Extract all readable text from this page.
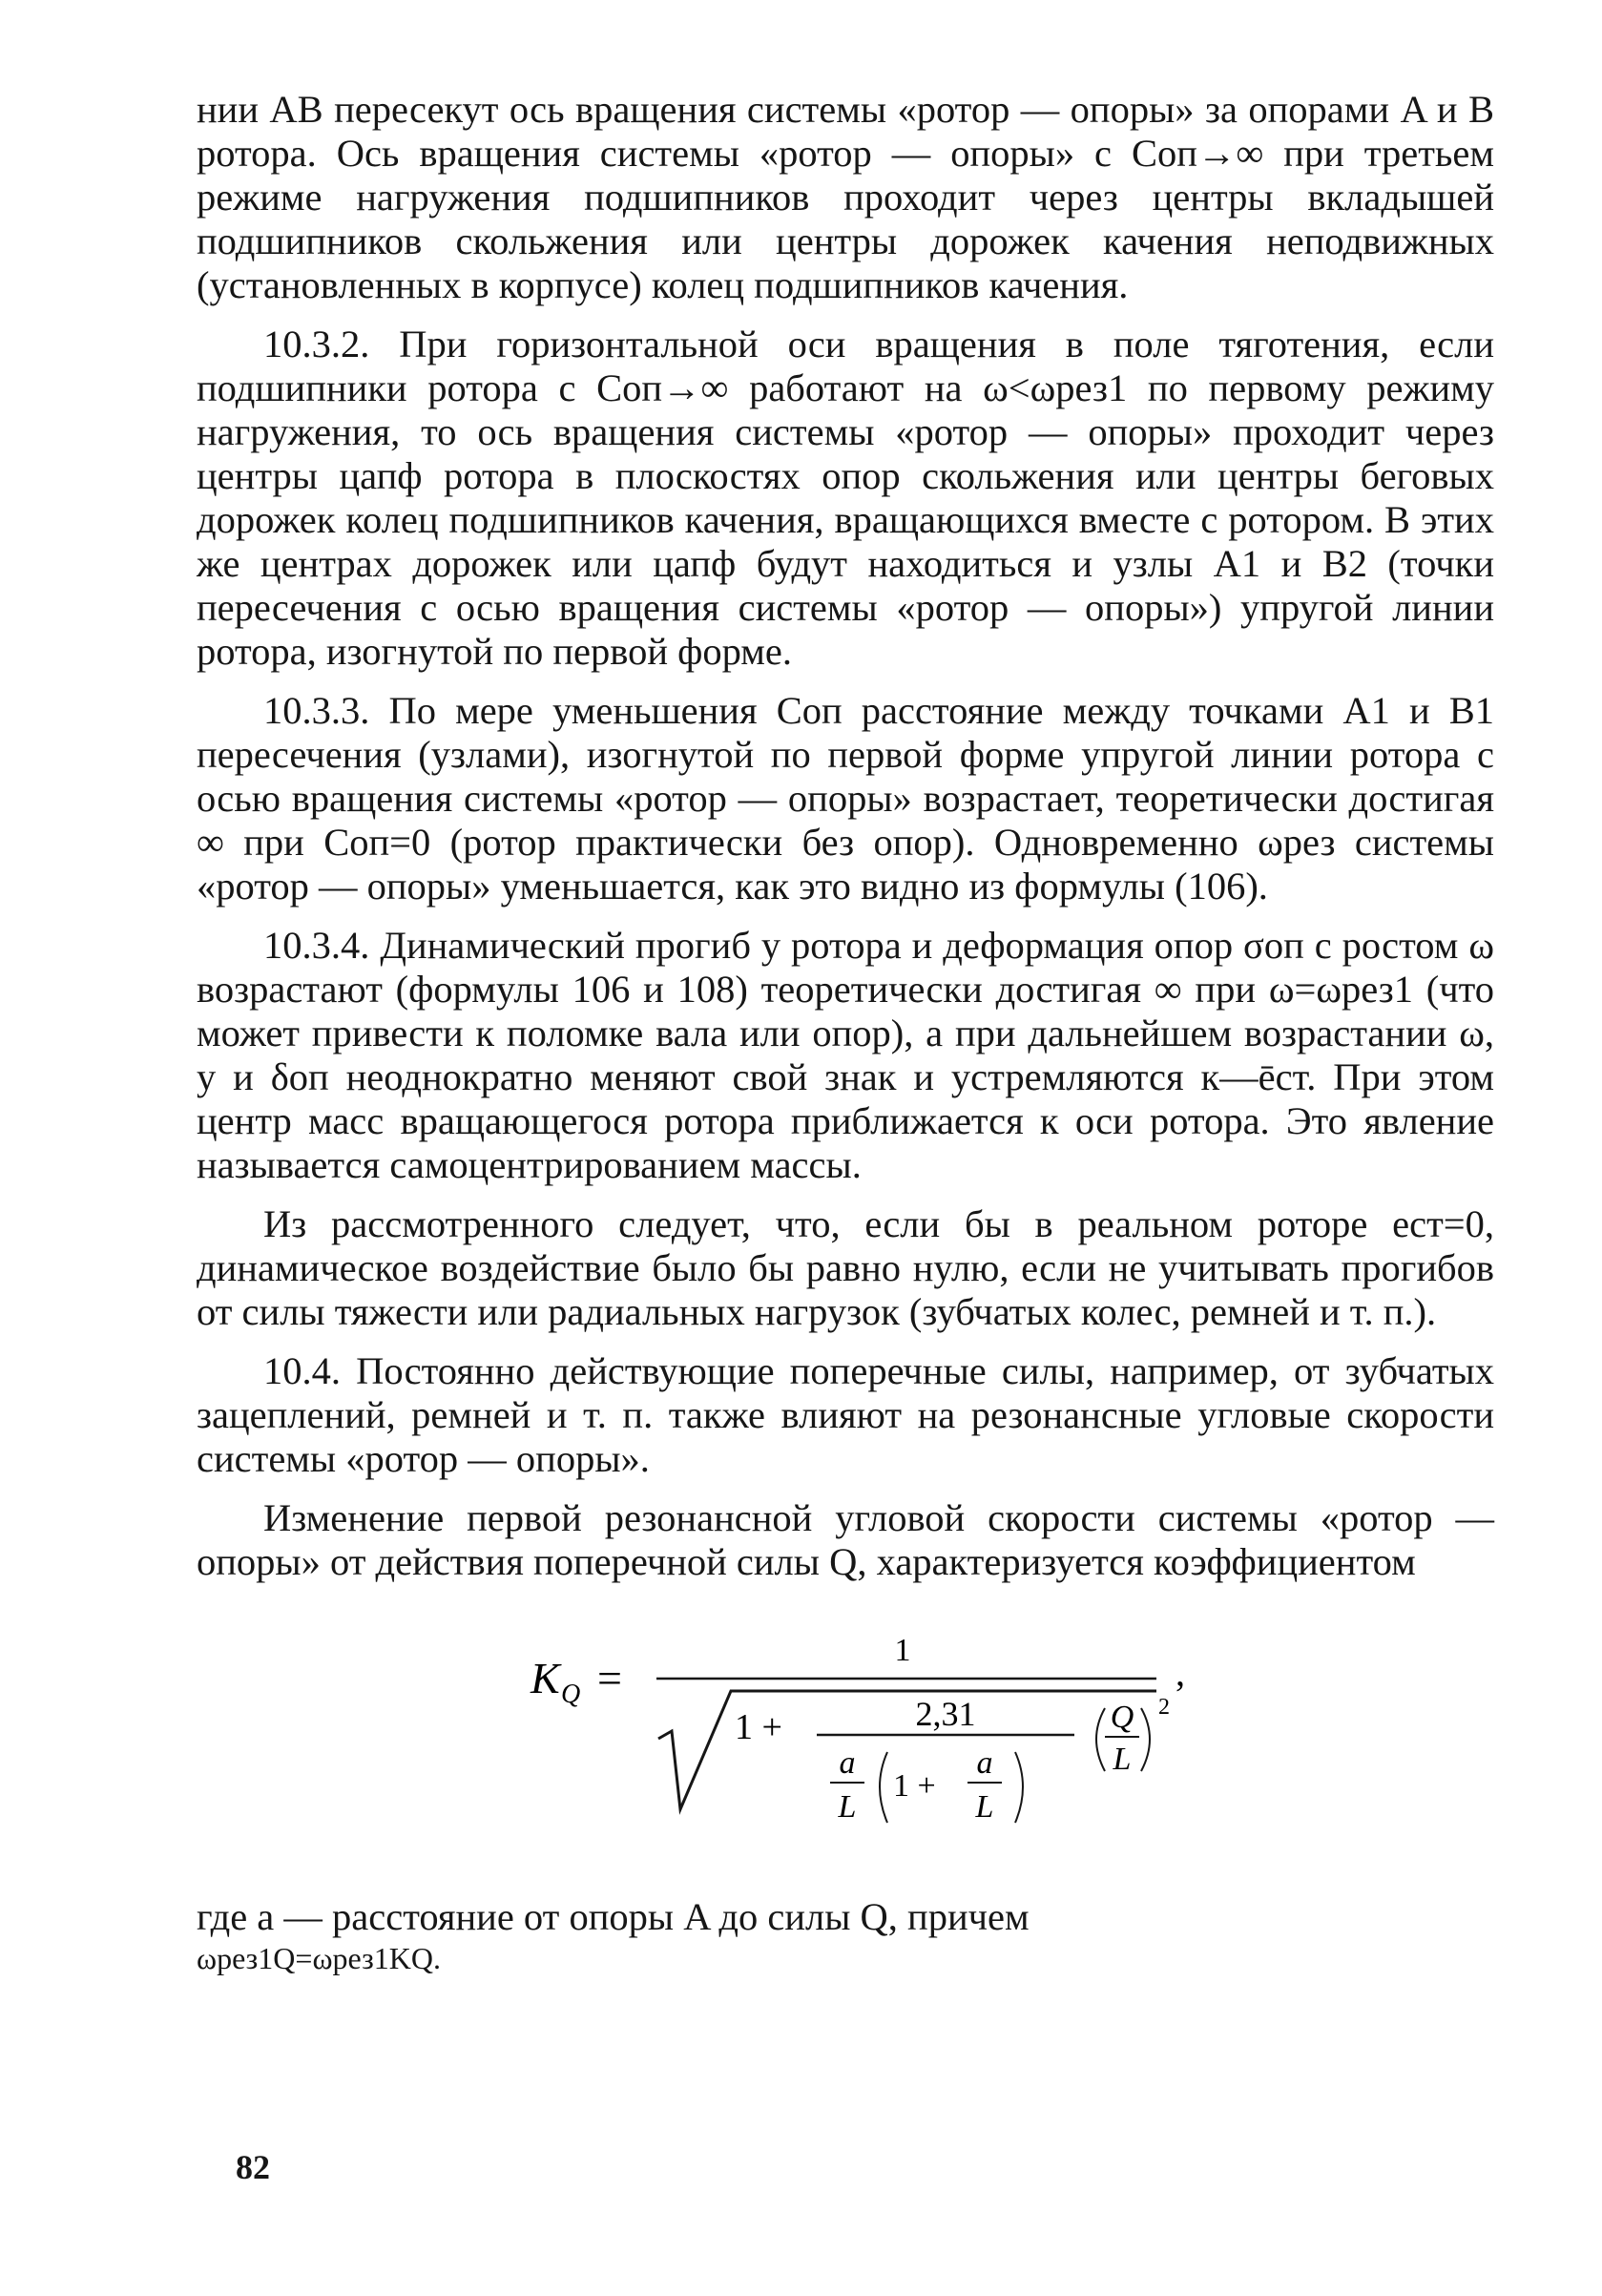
нии AB пересекут ось вращения системы «ротор — опоры» за опорами A и B ротора. Ось вращения системы «ротор — опоры» с Cоп→∞ при третьем режиме нагружения подшипников проходит через центры вкладышей подшипников скольжения или центры дорожек качения неподвижных (установленных в корпусе) колец подшипников качения.

10.3.2. При горизонтальной оси вращения в поле тяготения, если подшипники ротора с Cоп→∞ работают на ω<ωрез1 по первому режиму нагружения, то ось вращения системы «ротор — опоры» проходит через центры цапф ротора в плоскостях опор скольжения или центры беговых дорожек колец подшипников качения, вращающихся вместе с ротором. В этих же центрах дорожек или цапф будут находиться и узлы A1 и B2 (точки пересечения с осью вращения системы «ротор — опоры») упругой линии ротора, изогнутой по первой форме.

10.3.3. По мере уменьшения Cоп расстояние между точками A1 и B1 пересечения (узлами), изогнутой по первой форме упругой линии ротора с осью вращения системы «ротор — опоры» возрастает, теоретически достигая ∞ при Cоп=0 (ротор практически без опор). Одновременно ωрез системы «ротор — опоры» уменьшается, как это видно из формулы (106).

10.3.4. Динамический прогиб y ротора и деформация опор σоп с ростом ω возрастают (формулы 106 и 108) теоретически достигая ∞ при ω=ωрез1 (что может привести к поломке вала или опор), а при дальнейшем возрастании ω, y и δоп неоднократно меняют свой знак и устремляются к—ēст. При этом центр масс вращающегося ротора приближается к оси ротора. Это явление называется самоцентрированием массы.

Из рассмотренного следует, что, если бы в реальном роторе eст=0, динамическое воздействие было бы равно нулю, если не учитывать прогибов от силы тяжести или радиальных нагрузок (зубчатых колес, ремней и т. п.).

10.4. Постоянно действующие поперечные силы, например, от зубчатых зацеплений, ремней и т. п. также влияют на резонансные угловые скорости системы «ротор — опоры».

Изменение первой резонансной угловой скорости системы «ротор — опоры» от действия поперечной силы Q, характеризуется коэффициентом

K Q =
1
1 +	2,31
a
L
1 +
a
L
Q
L
2
,

где a — расстояние от опоры A до силы Q, причем

ωрез1Q=ωрез1KQ.

82
